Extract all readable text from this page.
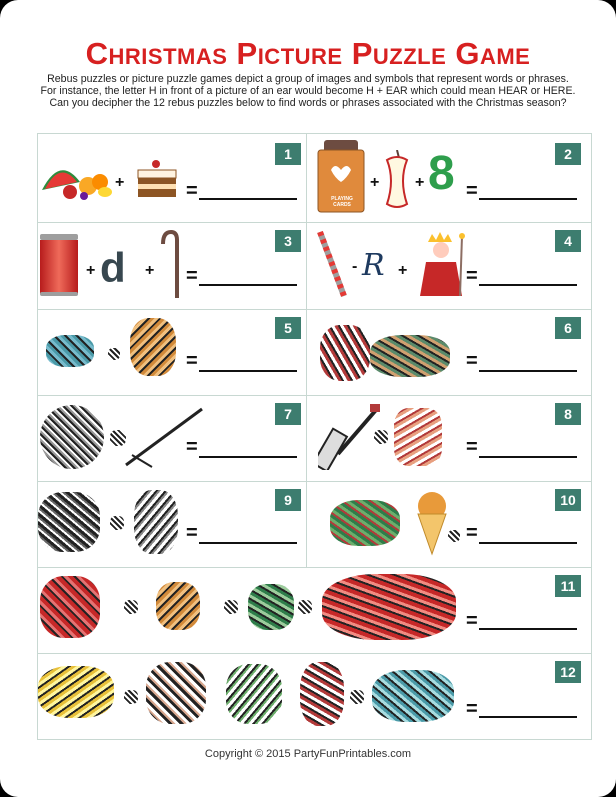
Christmas Picture Puzzle Game
Rebus puzzles or picture puzzle games depict a group of images and symbols that represent words or phrases.
For instance, the letter H in front of a picture of an ear would become H + EAR which could mean HEAR or HERE.
Can you decipher the 12 rebus puzzles below to find words or phrases associated with the Christmas season?
1
+	=
2
PLAYING CARDS
+ + 8 =
3
+ d + =
4
- R +	=
5
=
6
=
7
=
8
=
9
=
10
=
11
=
12
=
Copyright © 2015 PartyFunPrintables.com
